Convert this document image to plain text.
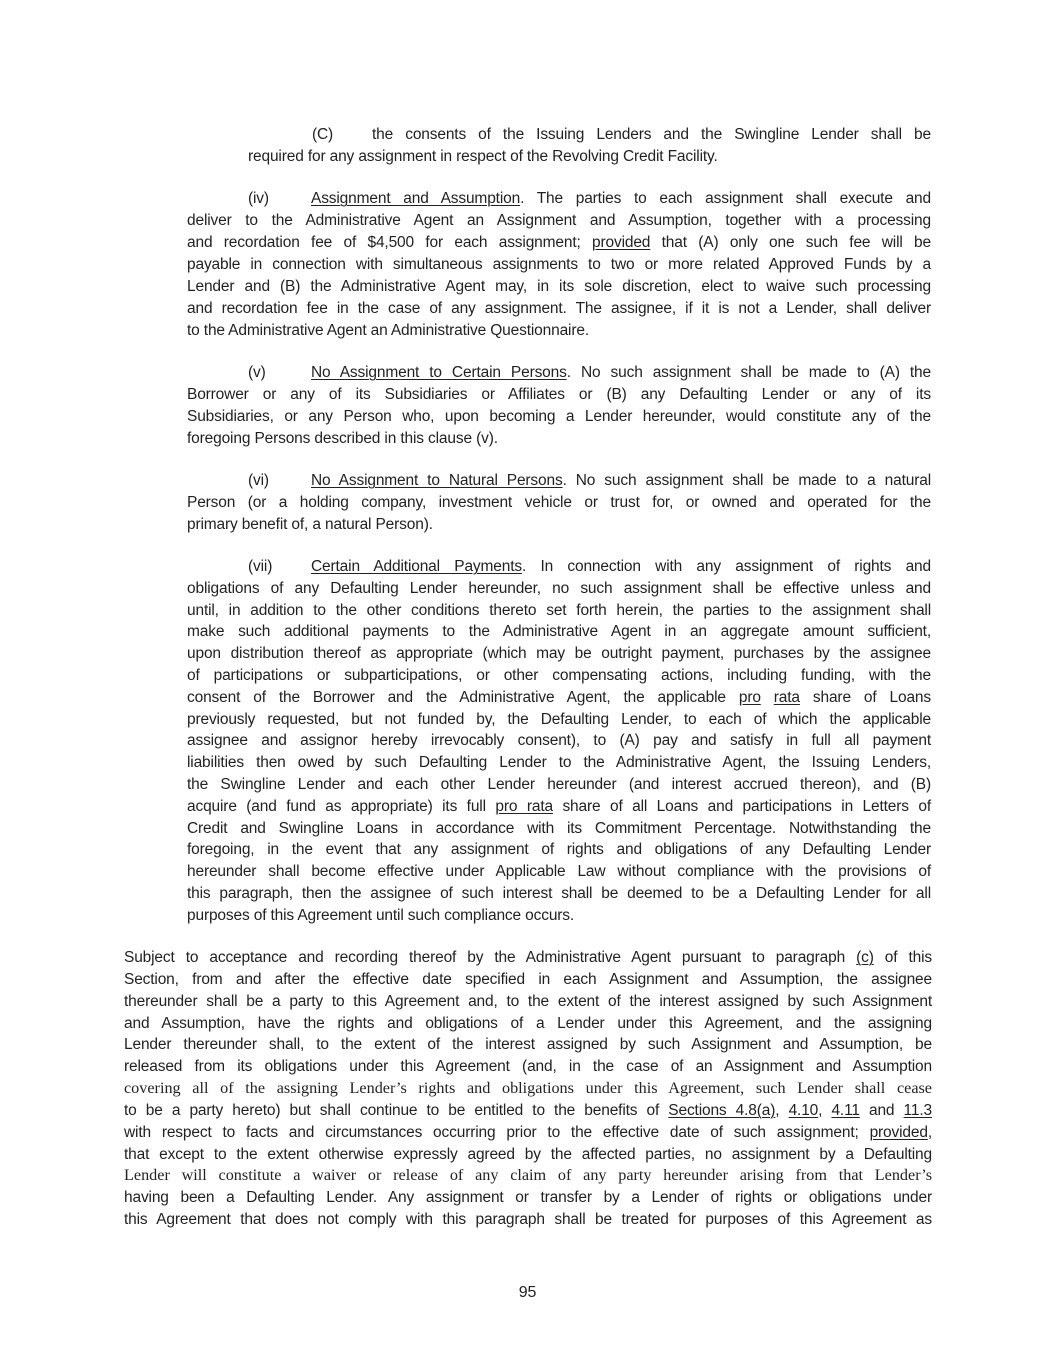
(C)	the consents of the Issuing Lenders and the Swingline Lender shall be
required for any assignment in respect of the Revolving Credit Facility.
(iv)	Assignment and Assumption. The parties to each assignment shall execute and
deliver to the Administrative Agent an Assignment and Assumption, together with a processing
and recordation fee of $4,500 for each assignment; provided that (A) only one such fee will be
payable in connection with simultaneous assignments to two or more related Approved Funds by a
Lender and (B) the Administrative Agent may, in its sole discretion, elect to waive such processing
and recordation fee in the case of any assignment. The assignee, if it is not a Lender, shall deliver
to the Administrative Agent an Administrative Questionnaire.
(v)	No Assignment to Certain Persons. No such assignment shall be made to (A) the
Borrower or any of its Subsidiaries or Affiliates or (B) any Defaulting Lender or any of its
Subsidiaries, or any Person who, upon becoming a Lender hereunder, would constitute any of the
foregoing Persons described in this clause (v).
(vi)	No Assignment to Natural Persons. No such assignment shall be made to a natural
Person (or a holding company, investment vehicle or trust for, or owned and operated for the
primary benefit of, a natural Person).
(vii)	Certain Additional Payments. In connection with any assignment of rights and
obligations of any Defaulting Lender hereunder, no such assignment shall be effective unless and
until, in addition to the other conditions thereto set forth herein, the parties to the assignment shall
make such additional payments to the Administrative Agent in an aggregate amount sufficient,
upon distribution thereof as appropriate (which may be outright payment, purchases by the assignee
of participations or subparticipations, or other compensating actions, including funding, with the
consent of the Borrower and the Administrative Agent, the applicable pro rata share of Loans
previously requested, but not funded by, the Defaulting Lender, to each of which the applicable
assignee and assignor hereby irrevocably consent), to (A) pay and satisfy in full all payment
liabilities then owed by such Defaulting Lender to the Administrative Agent, the Issuing Lenders,
the Swingline Lender and each other Lender hereunder (and interest accrued thereon), and (B)
acquire (and fund as appropriate) its full pro rata share of all Loans and participations in Letters of
Credit and Swingline Loans in accordance with its Commitment Percentage. Notwithstanding the
foregoing, in the event that any assignment of rights and obligations of any Defaulting Lender
hereunder shall become effective under Applicable Law without compliance with the provisions of
this paragraph, then the assignee of such interest shall be deemed to be a Defaulting Lender for all
purposes of this Agreement until such compliance occurs.
Subject to acceptance and recording thereof by the Administrative Agent pursuant to paragraph (c) of this
Section, from and after the effective date specified in each Assignment and Assumption, the assignee
thereunder shall be a party to this Agreement and, to the extent of the interest assigned by such Assignment
and Assumption, have the rights and obligations of a Lender under this Agreement, and the assigning
Lender thereunder shall, to the extent of the interest assigned by such Assignment and Assumption, be
released from its obligations under this Agreement (and, in the case of an Assignment and Assumption
covering all of the assigning Lender’s rights and obligations under this Agreement, such Lender shall cease
to be a party hereto) but shall continue to be entitled to the benefits of Sections 4.8(a), 4.10, 4.11 and 11.3
with respect to facts and circumstances occurring prior to the effective date of such assignment; provided,
that except to the extent otherwise expressly agreed by the affected parties, no assignment by a Defaulting
Lender will constitute a waiver or release of any claim of any party hereunder arising from that Lender’s
having been a Defaulting Lender. Any assignment or transfer by a Lender of rights or obligations under
this Agreement that does not comply with this paragraph shall be treated for purposes of this Agreement as
95
